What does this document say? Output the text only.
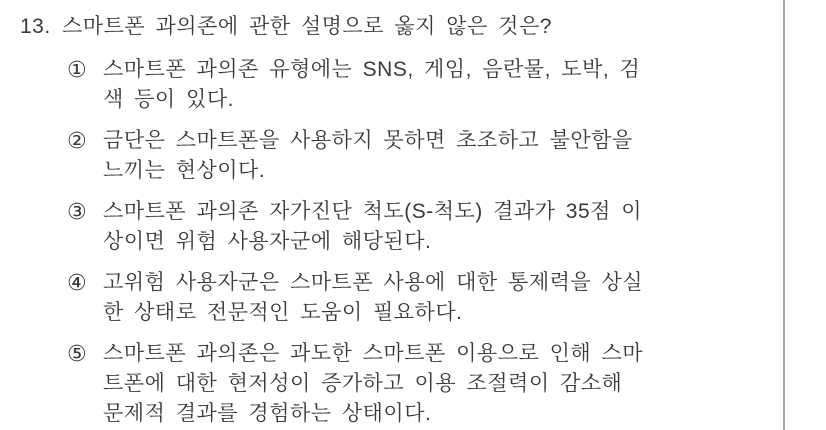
13. 스마트폰 과의존에 관한 설명으로 옳지 않은 것은?
① 스마트폰 과의존 유형에는 SNS, 게임, 음란물, 도박, 검
색 등이 있다.
② 금단은 스마트폰을 사용하지 못하면 초조하고 불안함을
느끼는 현상이다.
③ 스마트폰 과의존 자가진단 척도(S-척도) 결과가 35점 이
상이면 위험 사용자군에 해당된다.
④ 고위험 사용자군은 스마트폰 사용에 대한 통제력을 상실
한 상태로 전문적인 도움이 필요하다.
⑤ 스마트폰 과의존은 과도한 스마트폰 이용으로 인해 스마
트폰에 대한 현저성이 증가하고 이용 조절력이 감소해
문제적 결과를 경험하는 상태이다.
